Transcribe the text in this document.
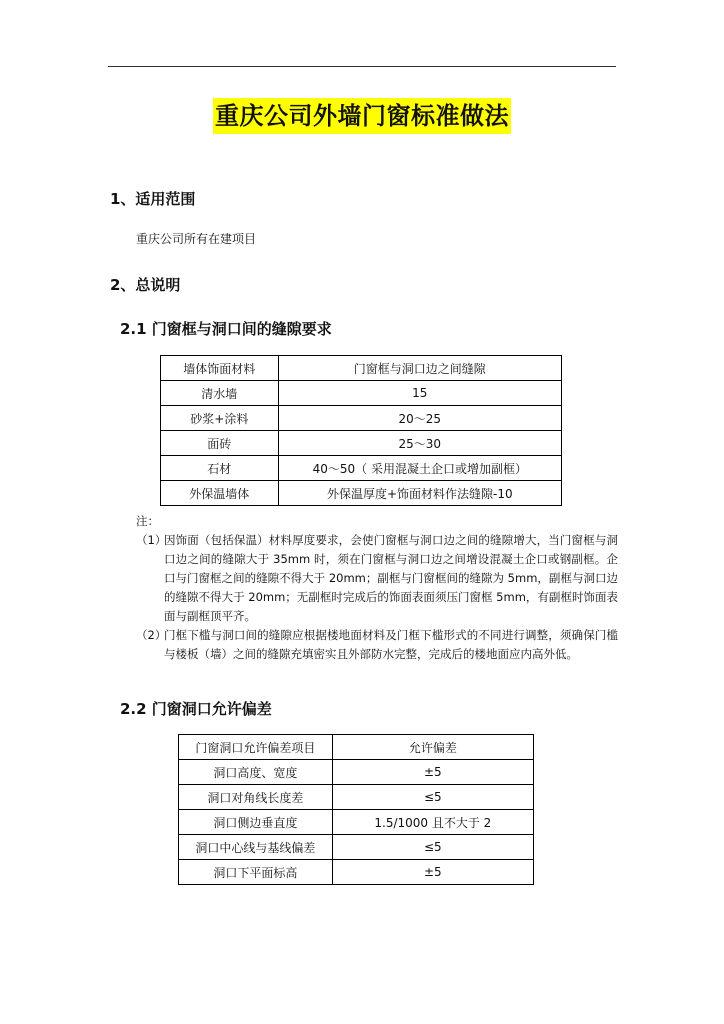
重庆公司外墙门窗标准做法
1、适用范围
重庆公司所有在建项目
2、总说明
2.1 门窗框与洞口间的缝隙要求
墙体饰面材料	门窗框与洞口边之间缝隙
清水墙	15
砂浆+涂料	20～25
面砖	25～30
石材	40～50（ 采用混凝土企口或增加副框）
外保温墙体	外保温厚度+饰面材料作法缝隙-10
注：
（1）
因饰面（包括保温）材料厚度要求，会使门窗框与洞口边之间的缝隙增大，当门窗框与洞口边之间的缝隙大于 35mm 时，须在门窗框与洞口边之间增设混凝土企口或钢副框。企口与门窗框之间的缝隙不得大于 20mm；副框与门窗框间的缝隙为 5mm，副框与洞口边的缝隙不得大于 20mm；无副框时完成后的饰面表面须压门窗框 5mm，有副框时饰面表面与副框顶平齐。
（2）
门框下槛与洞口间的缝隙应根据楼地面材料及门框下槛形式的不同进行调整，须确保门槛与楼板（墙）之间的缝隙充填密实且外部防水完整，完成后的楼地面应内高外低。
2.2 门窗洞口允许偏差
门窗洞口允许偏差项目	允许偏差
洞口高度、宽度	±5
洞口对角线长度差	≤5
洞口侧边垂直度	1.5/1000 且不大于 2
洞口中心线与基线偏差	≤5
洞口下平面标高	±5
